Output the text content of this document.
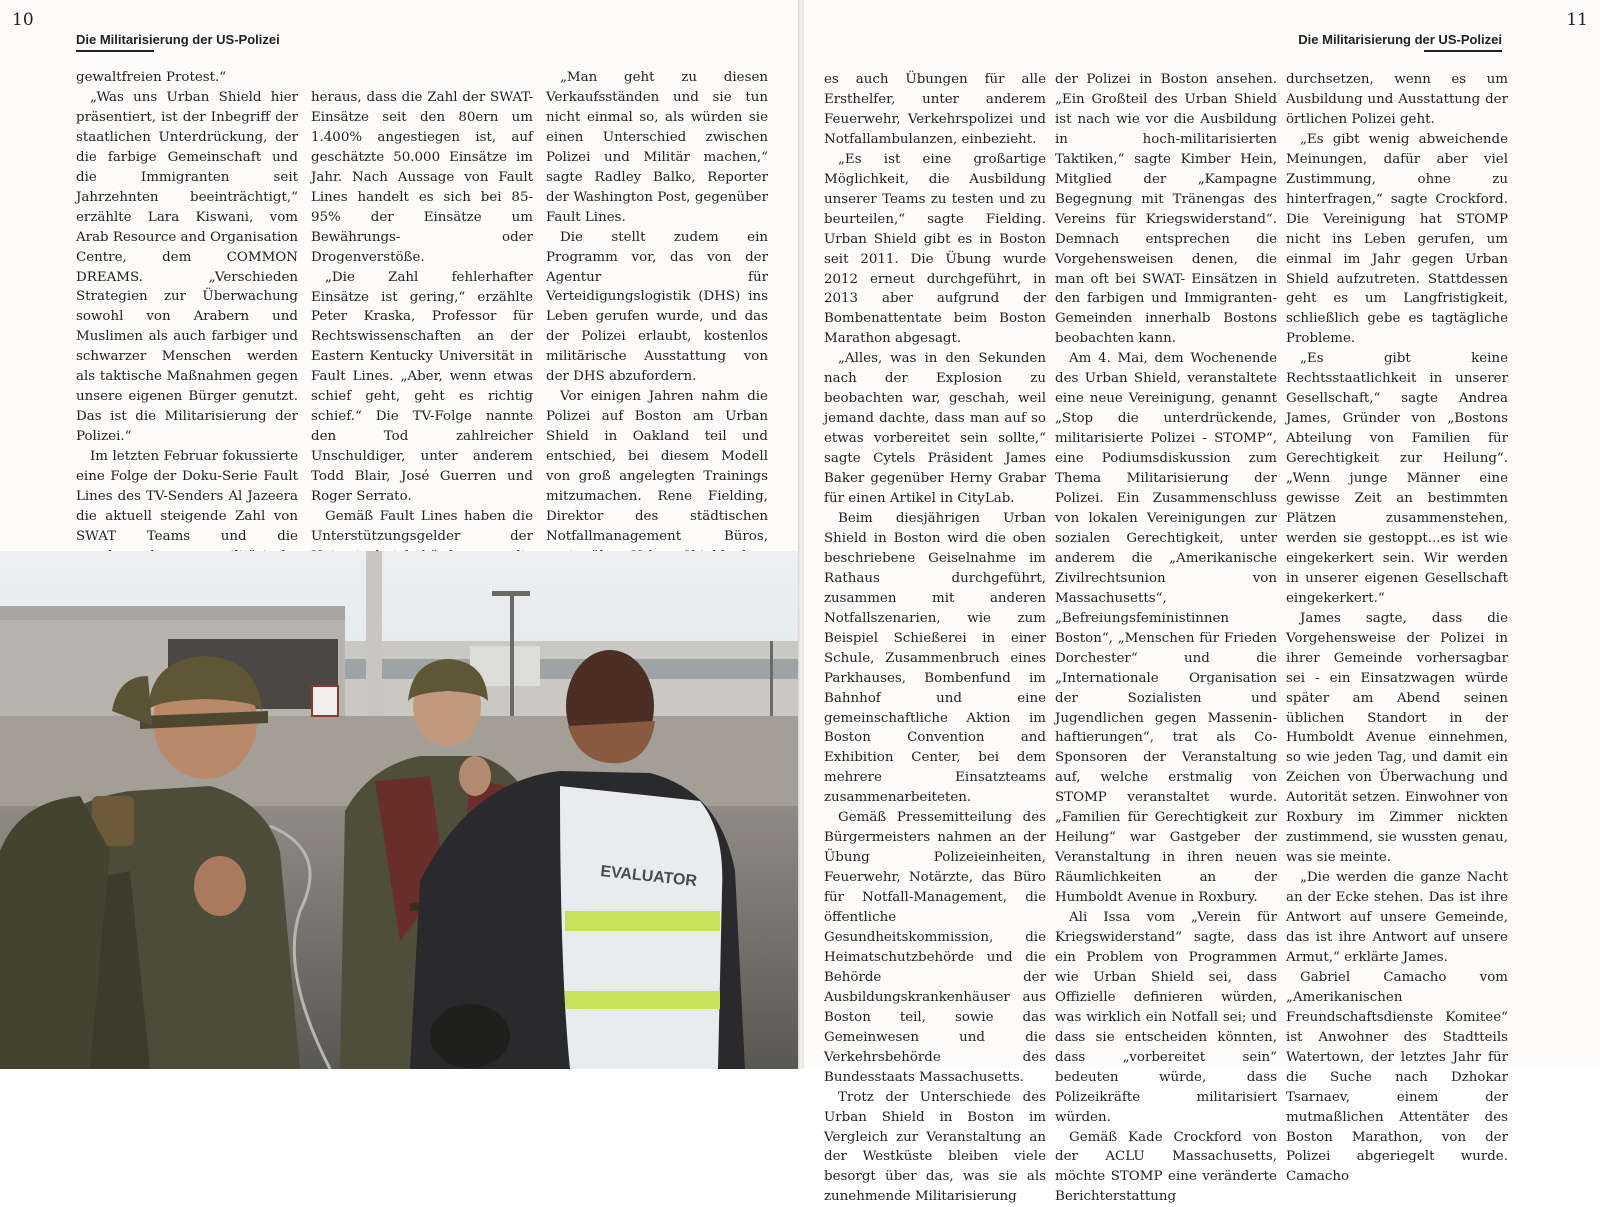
10
Die Militarisierung der US-Polizei

gewaltfreien Protest.“

„Was uns Urban Shield hier präsentiert, ist der Inbegriff der staatlichen Unterdrückung, der die farbige Gemeinschaft und die Immigranten seit Jahrzehnten beeinträchtigt,“ erzählte Lara Kiswani, vom Arab Resource and Organisation Centre, dem COMMON DREAMS. „Verschieden Strategien zur Überwachung sowohl von Arabern und Muslimen als auch farbiger und schwarzer Menschen werden als taktische Maßnahmen gegen unsere eigenen Bürger genutzt. Das ist die Militarisierung der Polizei.“

Im letzten Februar fokussierte eine Folge der Doku-Serie Fault Lines des TV-Senders Al Jazeera die aktuell steigende Zahl von SWAT Teams und die

heraus, dass die Zahl der SWAT-Einsätze seit den 80ern um 1.400% angestiegen ist, auf geschätzte 50.000 Einsätze im Jahr. Nach Aussage von Fault Lines handelt es sich bei 85-95% der Einsätze um Bewährungs- oder Drogenverstöße.

„Die Zahl fehlerhafter Einsätze ist gering,“ erzählte Peter Kraska, Professor für Rechtswissenschaften an der Eastern Kentucky Universität in Fault Lines. „Aber, wenn etwas schief geht, geht es richtig schief.“ Die TV-Folge nannte den Tod zahlreicher Unschuldiger, unter anderem Todd Blair, José Guerren und Roger Serrato.

Gemäß Fault Lines haben die Unterstützungsgelder der

„Man geht zu diesen Verkaufsständen und sie tun nicht einmal so, als würden sie einen Unterschied zwischen Polizei und Militär machen,“ sagte Radley Balko, Reporter der Washington Post, gegenüber Fault Lines.

Die stellt zudem ein Programm vor, das von der Agentur für Verteidigungslogistik (DHS) ins Leben gerufen wurde, und das der Polizei erlaubt, kostenlos militärische Ausstattung von der DHS abzufordern.

Vor einigen Jahren nahm die Polizei auf Boston am Urban Shield in Oakland teil und entschied, bei diesem Modell von groß angelegten Trainings mitzumachen. Rene Fielding, Direktor des städtischen Notfallmanagement Büros,

EVALUATOR
11
Die Militarisierung der US-Polizei

es auch Übungen für alle Ersthelfer, unter anderem Feuerwehr, Verkehrspolizei und Notfallambulanzen, einbezieht.

„Es ist eine großartige Möglichkeit, die Ausbildung unserer Teams zu testen und zu beurteilen,“ sagte Fielding. Urban Shield gibt es in Boston seit 2011. Die Übung wurde 2012 erneut durchgeführt, in 2013 aber aufgrund der Bombenattentate beim Boston Marathon abgesagt.

„Alles, was in den Sekunden nach der Explosion zu beobachten war, geschah, weil jemand dachte, dass man auf so etwas vorbereitet sein sollte,“ sagte Cytels Präsident James Baker gegenüber Herny Grabar für einen Artikel in CityLab.

Beim diesjährigen Urban Shield in Boston wird die oben beschriebene Geiselnahme im Rathaus durchgeführt, zusammen mit anderen Notfallszenarien, wie zum Beispiel Schießerei in einer Schule, Zusammenbruch eines Parkhauses, Bombenfund im Bahnhof und eine gemeinschaftliche Aktion im Boston Convention and Exhibition Center, bei dem mehrere Einsatzteams zusammenarbeiteten.

Gemäß Pressemitteilung des Bürgermeisters nahmen an der Übung Polizeieinheiten, Feuerwehr, Notärzte, das Büro für Notfall-Management, die öffentliche Gesundheitskommission, die Heimatschutzbehörde und die Behörde der Ausbildungskrankenhäuser aus Boston teil, sowie das Gemeinwesen und die Verkehrsbehörde des Bundesstaats Massachusetts.

Trotz der Unterschiede des Urban Shield in Boston im Vergleich zur Veranstaltung an der Westküste bleiben viele besorgt über das, was sie als zunehmende Militarisierung

der Polizei in Boston ansehen. „Ein Großteil des Urban Shield ist nach wie vor die Ausbildung in hoch-militarisierten Taktiken,“ sagte Kimber Hein, Mitglied der „Kampagne Begegnung mit Tränengas des Vereins für Kriegswiderstand“. Demnach entsprechen die Vorgehensweisen denen, die man oft bei SWAT- Einsätzen in den farbigen und Immigranten-Gemeinden innerhalb Bostons beobachten kann.

Am 4. Mai, dem Wochenende des Urban Shield, veranstaltete eine neue Vereinigung, genannt „Stop die unterdrückende, militarisierte Polizei - STOMP“, eine Podiumsdiskussion zum Thema Militarisierung der Polizei. Ein Zusammenschluss von lokalen Vereinigungen zur sozialen Gerechtigkeit, unter anderem die „Amerikanische Zivilrechtsunion von Massachusetts“, „Befreiungsfeministinnen Boston“, „Menschen für Frieden Dorchester“ und die „Internationale Organisation der Sozialisten und Jugendlichen gegen Massenin-haftierungen“, trat als Co-Sponsoren der Veranstaltung auf, welche erstmalig von STOMP veranstaltet wurde. „Familien für Gerechtigkeit zur Heilung“ war Gastgeber der Veranstaltung in ihren neuen Räumlichkeiten an der Humboldt Avenue in Roxbury.

Ali Issa vom „Verein für Kriegswiderstand“ sagte, dass ein Problem von Programmen wie Urban Shield sei, dass Offizielle definieren würden, was wirklich ein Notfall sei; und dass sie entscheiden könnten, dass „vorbereitet sein“ bedeuten würde, dass Polizeikräfte militarisiert würden.

Gemäß Kade Crockford von der ACLU Massachusetts, möchte STOMP eine veränderte Berichterstattung

durchsetzen, wenn es um Ausbildung und Ausstattung der örtlichen Polizei geht.

„Es gibt wenig abweichende Meinungen, dafür aber viel Zustimmung, ohne zu hinterfragen,“ sagte Crockford. Die Vereinigung hat STOMP nicht ins Leben gerufen, um einmal im Jahr gegen Urban Shield aufzutreten. Stattdessen geht es um Langfristigkeit, schließlich gebe es tagtägliche Probleme.

„Es gibt keine Rechtsstaatlichkeit in unserer Gesellschaft,“ sagte Andrea James, Gründer von „Bostons Abteilung von Familien für Gerechtigkeit zur Heilung“. „Wenn junge Männer eine gewisse Zeit an bestimmten Plätzen zusammenstehen, werden sie gestoppt...es ist wie eingekerkert sein. Wir werden in unserer eigenen Gesellschaft eingekerkert.“

James sagte, dass die Vorgehensweise der Polizei in ihrer Gemeinde vorhersagbar sei - ein Einsatzwagen würde später am Abend seinen üblichen Standort in der Humboldt Avenue einnehmen, so wie jeden Tag, und damit ein Zeichen von Überwachung und Autorität setzen. Einwohner von Roxbury im Zimmer nickten zustimmend, sie wussten genau, was sie meinte.

„Die werden die ganze Nacht an der Ecke stehen. Das ist ihre Antwort auf unsere Gemeinde, das ist ihre Antwort auf unsere Armut,“ erklärte James.

Gabriel Camacho vom „Amerikanischen Freundschaftsdienste Komitee“ ist Anwohner des Stadtteils Watertown, der letztes Jahr für die Suche nach Dzhokar Tsarnaev, einem der mutmaßlichen Attentäter des Boston Marathon, von der Polizei abgeriegelt wurde. Camacho
